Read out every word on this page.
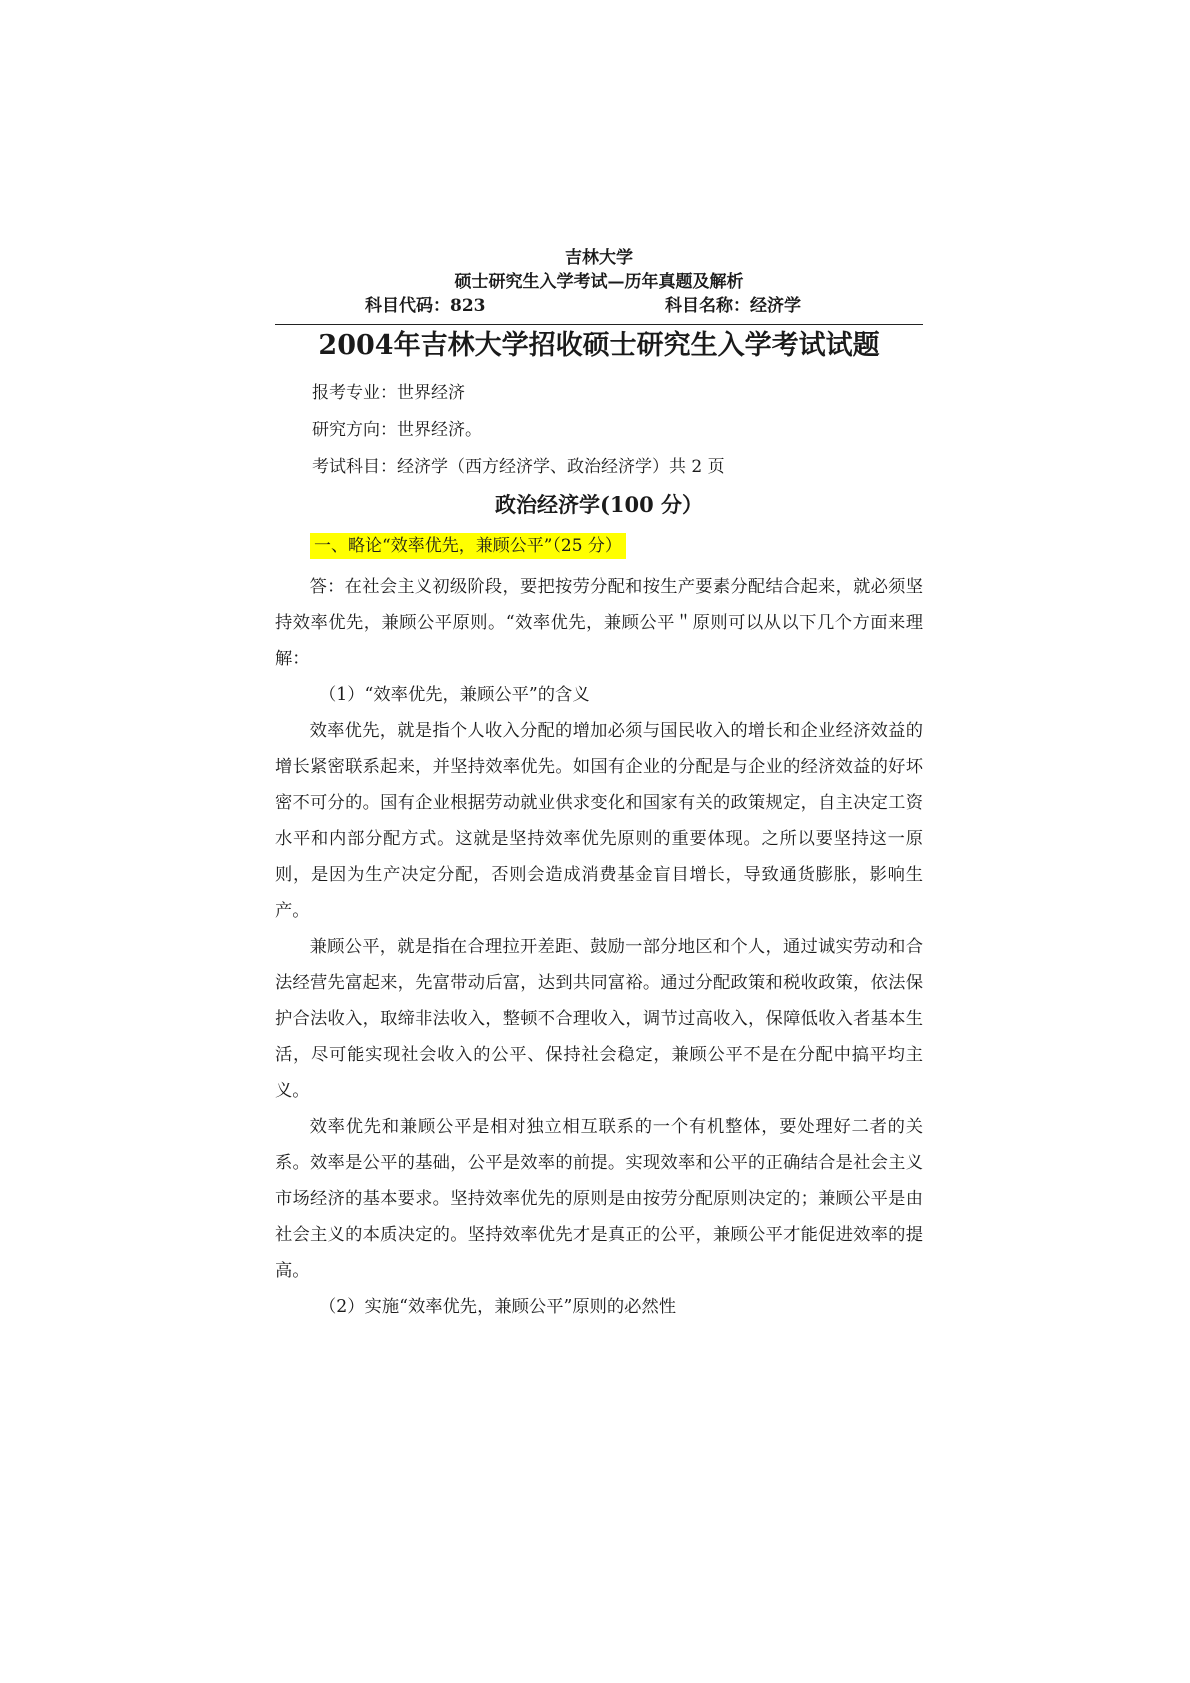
吉林大学
硕士研究生入学考试—历年真题及解析
科目代码：823	科目名称：经济学
2004年吉林大学招收硕士研究生入学考试试题
报考专业：世界经济
研究方向：世界经济。
考试科目：经济学（西方经济学、政治经济学）共 2 页
政治经济学(100 分）
一、略论“效率优先，兼顾公平”（25 分）

答：在社会主义初级阶段，要把按劳分配和按生产要素分配结合起来，就必须坚持效率优先，兼顾公平原则。“效率优先，兼顾公平＂原则可以从以下几个方面来理解：

（1）“效率优先，兼顾公平”的含义

效率优先，就是指个人收入分配的增加必须与国民收入的增长和企业经济效益的增长紧密联系起来，并坚持效率优先。如国有企业的分配是与企业的经济效益的好坏密不可分的。国有企业根据劳动就业供求变化和国家有关的政策规定，自主决定工资水平和内部分配方式。这就是坚持效率优先原则的重要体现。之所以要坚持这一原则，是因为生产决定分配，否则会造成消费基金盲目增长，导致通货膨胀，影响生产。

兼顾公平，就是指在合理拉开差距、鼓励一部分地区和个人，通过诚实劳动和合法经营先富起来，先富带动后富，达到共同富裕。通过分配政策和税收政策，依法保护合法收入，取缔非法收入，整顿不合理收入，调节过高收入，保障低收入者基本生活，尽可能实现社会收入的公平、保持社会稳定，兼顾公平不是在分配中搞平均主义。

效率优先和兼顾公平是相对独立相互联系的一个有机整体，要处理好二者的关系。效率是公平的基础，公平是效率的前提。实现效率和公平的正确结合是社会主义市场经济的基本要求。坚持效率优先的原则是由按劳分配原则决定的；兼顾公平是由社会主义的本质决定的。坚持效率优先才是真正的公平，兼顾公平才能促进效率的提高。

（2）实施“效率优先，兼顾公平”原则的必然性
